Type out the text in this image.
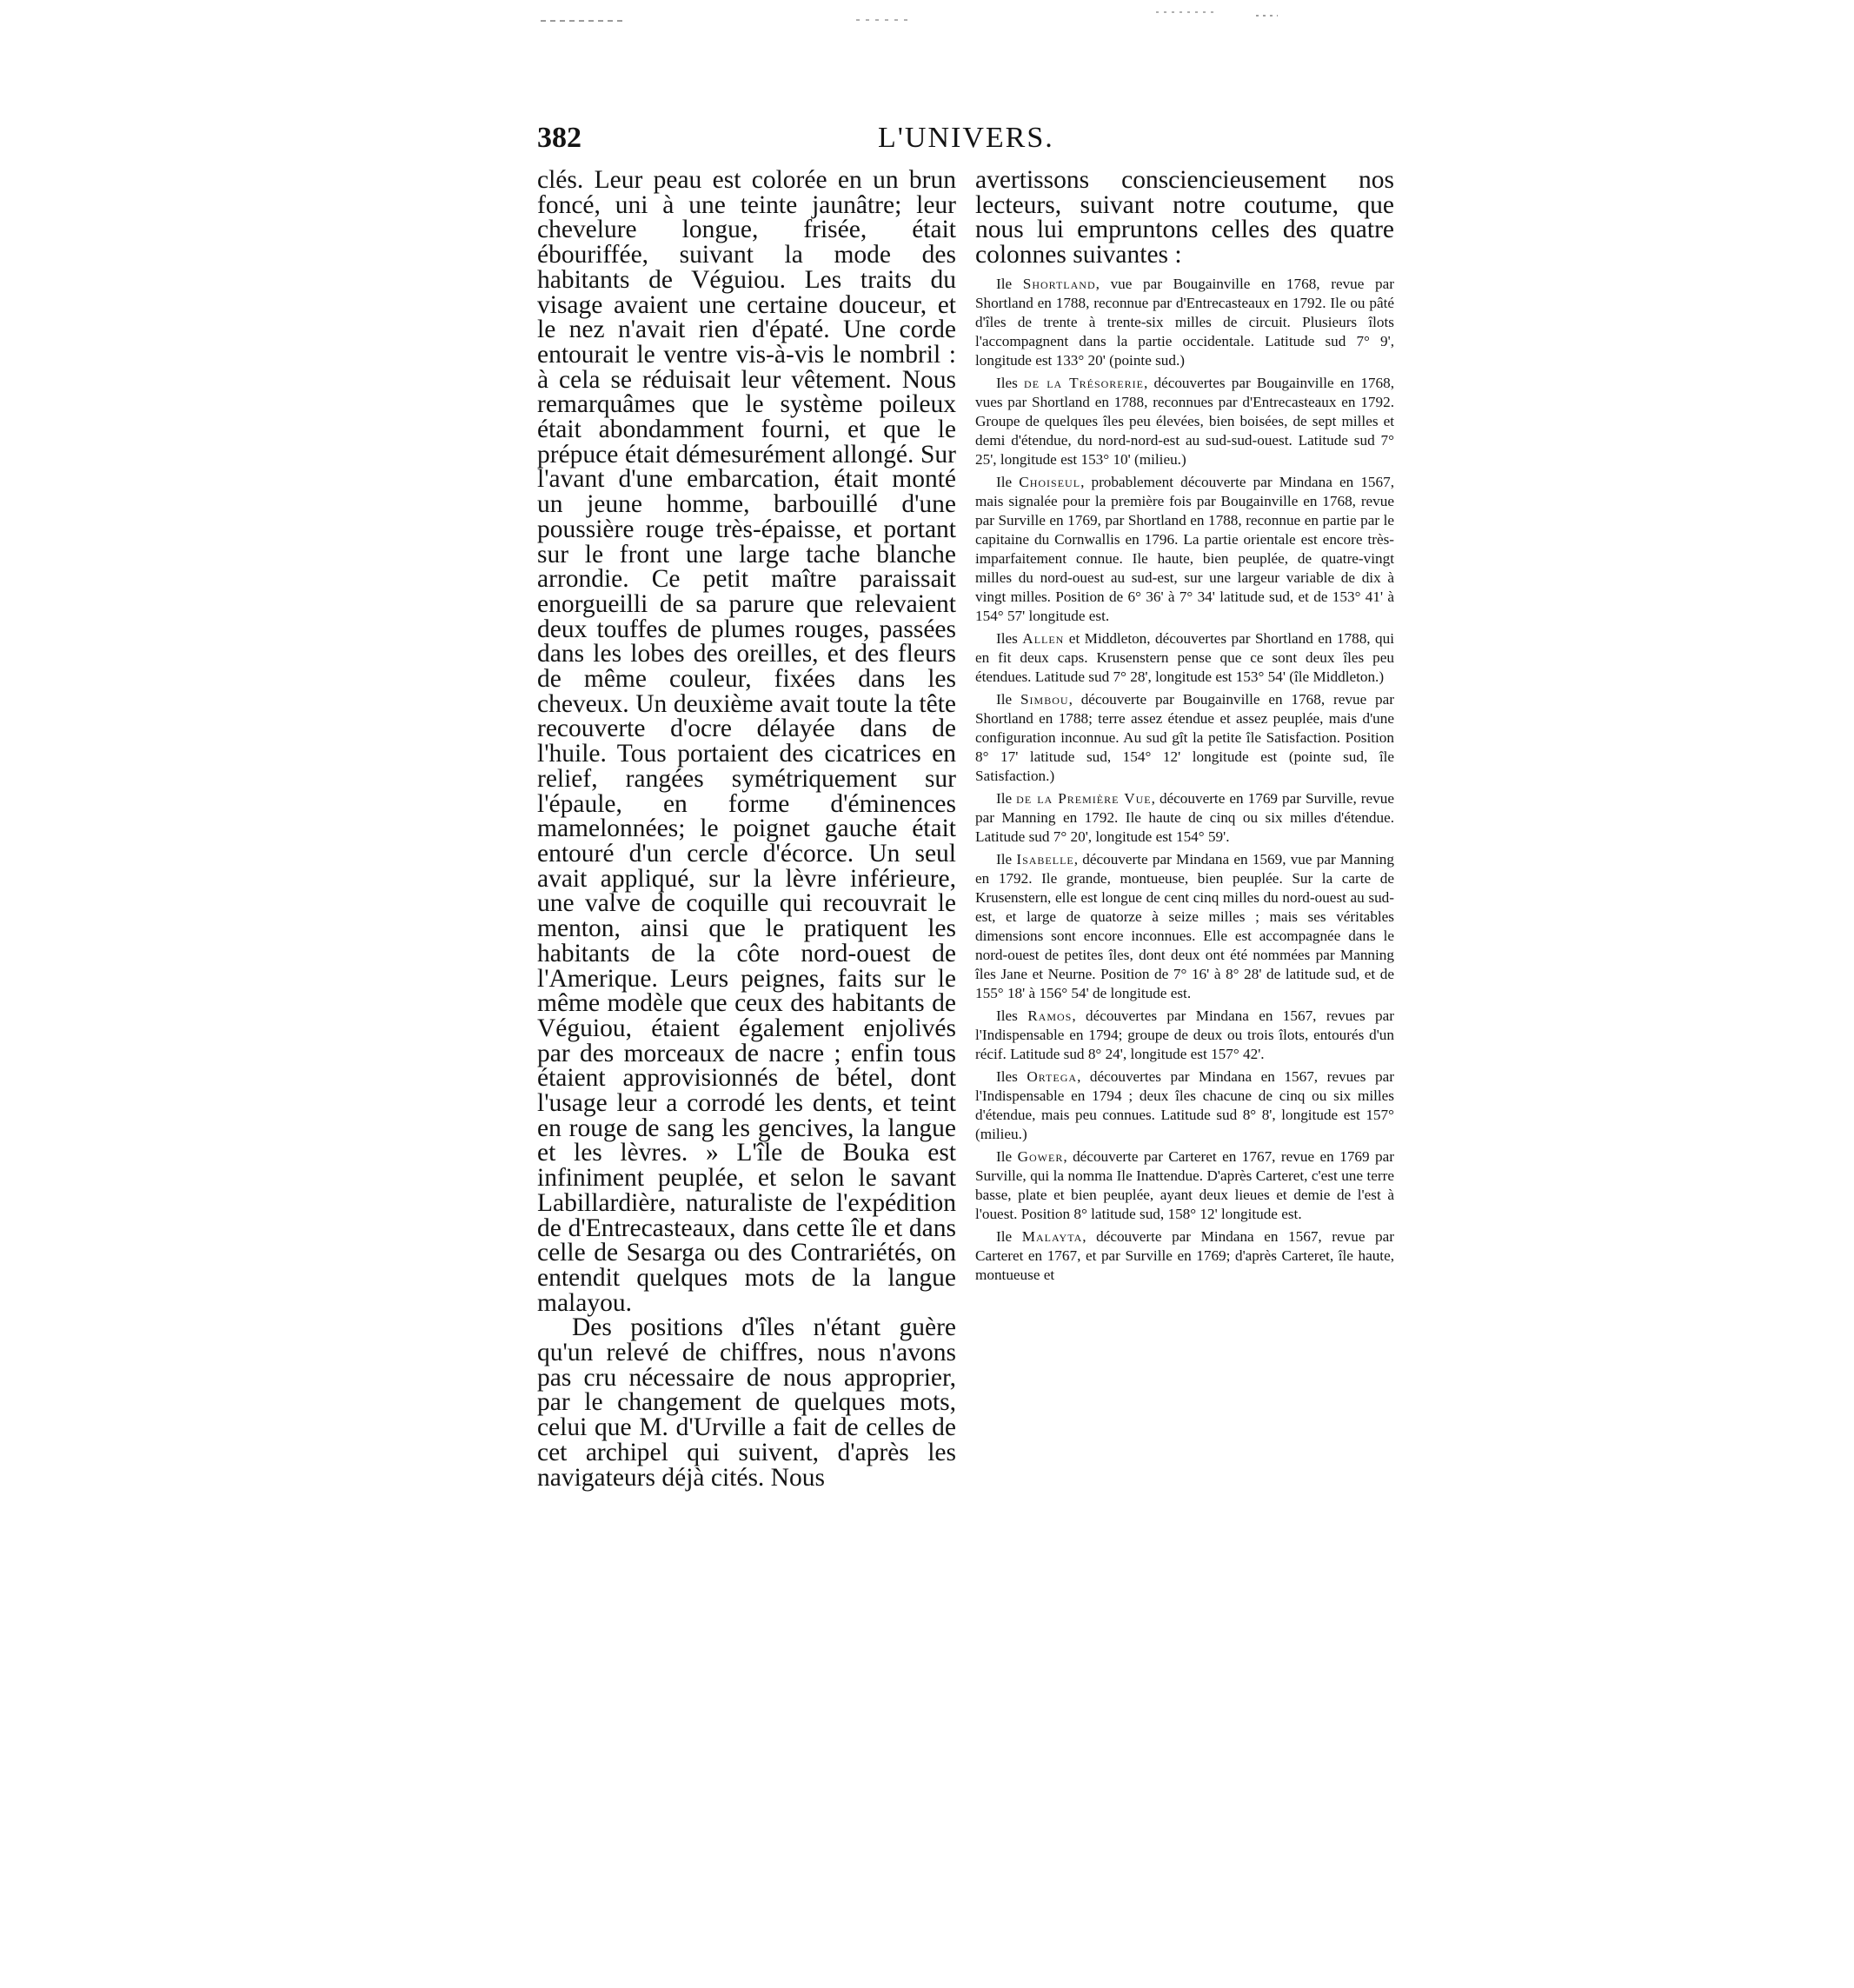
382	L'UNIVERS.

clés. Leur peau est colorée en un brun foncé, uni à une teinte jaunâtre; leur chevelure longue, frisée, était ébouriffée, suivant la mode des habitants de Véguiou. Les traits du visage avaient une certaine douceur, et le nez n'avait rien d'épaté. Une corde entourait le ventre vis-à-vis le nombril : à cela se réduisait leur vêtement. Nous remarquâmes que le système poileux était abondamment fourni, et que le prépuce était démesurément allongé. Sur l'avant d'une embarcation, était monté un jeune homme, barbouillé d'une poussière rouge très-épaisse, et portant sur le front une large tache blanche arrondie. Ce petit maître paraissait enorgueilli de sa parure que relevaient deux touffes de plumes rouges, passées dans les lobes des oreilles, et des fleurs de même couleur, fixées dans les cheveux. Un deuxième avait toute la tête recouverte d'ocre délayée dans de l'huile. Tous portaient des cicatrices en relief, rangées symétriquement sur l'épaule, en forme d'éminences mamelonnées; le poignet gauche était entouré d'un cercle d'écorce. Un seul avait appliqué, sur la lèvre inférieure, une valve de coquille qui recouvrait le menton, ainsi que le pratiquent les habitants de la côte nord-ouest de l'Amerique. Leurs peignes, faits sur le même modèle que ceux des habitants de Véguiou, étaient également enjolivés par des morceaux de nacre ; enfin tous étaient approvisionnés de bétel, dont l'usage leur a corrodé les dents, et teint en rouge de sang les gencives, la langue et les lèvres. » L'île de Bouka est infiniment peuplée, et selon le savant Labillardière, naturaliste de l'expédition de d'Entrecasteaux, dans cette île et dans celle de Sesarga ou des Contrariétés, on entendit quelques mots de la langue malayou.

Des positions d'îles n'étant guère qu'un relevé de chiffres, nous n'avons pas cru nécessaire de nous approprier, par le changement de quelques mots, celui que M. d'Urville a fait de celles de cet archipel qui suivent, d'après les navigateurs déjà cités. Nous

avertissons consciencieusement nos lecteurs, suivant notre coutume, que nous lui empruntons celles des quatre colonnes suivantes :

Ile Shortland, vue par Bougainville en 1768, revue par Shortland en 1788, reconnue par d'Entrecasteaux en 1792. Ile ou pâté d'îles de trente à trente-six milles de circuit. Plusieurs îlots l'accompagnent dans la partie occidentale. Latitude sud 7° 9', longitude est 133° 20' (pointe sud.)

Iles de la Trésorerie, découvertes par Bougainville en 1768, vues par Shortland en 1788, reconnues par d'Entrecasteaux en 1792. Groupe de quelques îles peu élevées, bien boisées, de sept milles et demi d'étendue, du nord-nord-est au sud-sud-ouest. Latitude sud 7° 25', longitude est 153° 10' (milieu.)

Ile Choiseul, probablement découverte par Mindana en 1567, mais signalée pour la première fois par Bougainville en 1768, revue par Surville en 1769, par Shortland en 1788, reconnue en partie par le capitaine du Cornwallis en 1796. La partie orientale est encore très-imparfaitement connue. Ile haute, bien peuplée, de quatre-vingt milles du nord-ouest au sud-est, sur une largeur variable de dix à vingt milles. Position de 6° 36' à 7° 34' latitude sud, et de 153° 41' à 154° 57' longitude est.

Iles Allen et Middleton, découvertes par Shortland en 1788, qui en fit deux caps. Krusenstern pense que ce sont deux îles peu étendues. Latitude sud 7° 28', longitude est 153° 54' (île Middleton.)

Ile Simbou, découverte par Bougainville en 1768, revue par Shortland en 1788; terre assez étendue et assez peuplée, mais d'une configuration inconnue. Au sud gît la petite île Satisfaction. Position 8° 17' latitude sud, 154° 12' longitude est (pointe sud, île Satisfaction.)

Ile de la Première Vue, découverte en 1769 par Surville, revue par Manning en 1792. Ile haute de cinq ou six milles d'étendue. Latitude sud 7° 20', longitude est 154° 59'.

Ile Isabelle, découverte par Mindana en 1569, vue par Manning en 1792. Ile grande, montueuse, bien peuplée. Sur la carte de Krusenstern, elle est longue de cent cinq milles du nord-ouest au sud-est, et large de quatorze à seize milles ; mais ses véritables dimensions sont encore inconnues. Elle est accompagnée dans le nord-ouest de petites îles, dont deux ont été nommées par Manning îles Jane et Neurne. Position de 7° 16' à 8° 28' de latitude sud, et de 155° 18' à 156° 54' de longitude est.

Iles Ramos, découvertes par Mindana en 1567, revues par l'Indispensable en 1794; groupe de deux ou trois îlots, entourés d'un récif. Latitude sud 8° 24', longitude est 157° 42'.

Iles Ortega, découvertes par Mindana en 1567, revues par l'Indispensable en 1794 ; deux îles chacune de cinq ou six milles d'étendue, mais peu connues. Latitude sud 8° 8', longitude est 157° (milieu.)

Ile Gower, découverte par Carteret en 1767, revue en 1769 par Surville, qui la nomma Ile Inattendue. D'après Carteret, c'est une terre basse, plate et bien peuplée, ayant deux lieues et demie de l'est à l'ouest. Position 8° latitude sud, 158° 12' longitude est.

Ile Malayta, découverte par Mindana en 1567, revue par Carteret en 1767, et par Surville en 1769; d'après Carteret, île haute, montueuse et
